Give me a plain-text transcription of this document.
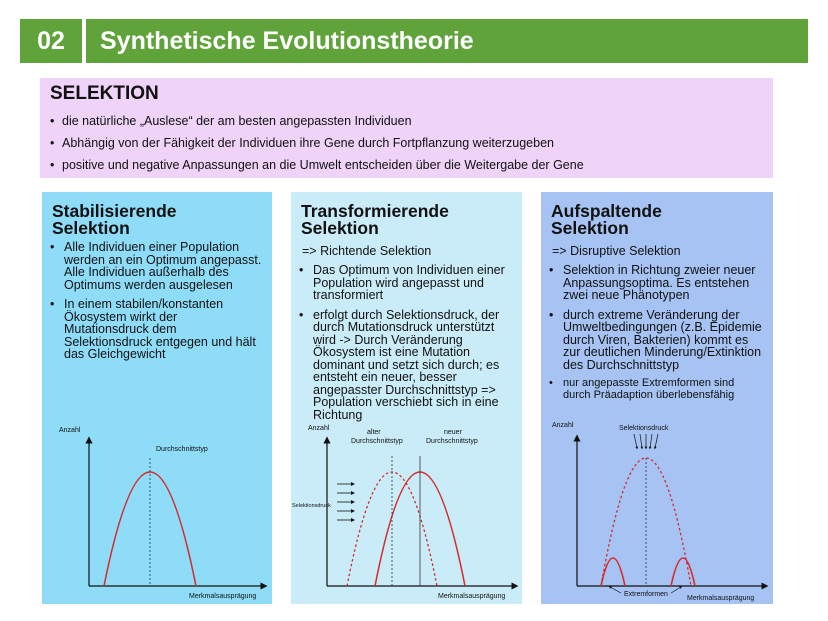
02	Synthetische Evolutionstheorie
SELEKTION
• die natürliche „Auslese“ der am besten angepassten Individuen
• Abhängig von der Fähigkeit der Individuen ihre Gene durch Fortpflanzung weiterzugeben
• positive und negative Anpassungen an die Umwelt entscheiden über die Weitergabe der Gene
Stabilisierende
Selektion
• Alle Individuen einer Population werden an ein Optimum angepasst. Alle Individuen außerhalb des Optimums werden ausgelesen
• In einem stabilen/konstanten Ökosystem wirkt der Mutationsdruck dem Selektionsdruck entgegen und hält das Gleichgewicht
Anzahl
Durchschnittstyp
Merkmalsausprägung
Transformierende
Selektion
=> Richtende Selektion
• Das Optimum von Individuen einer Population wird angepasst und transformiert
• erfolgt durch Selektionsdruck, der durch Mutationsdruck unterstützt wird -> Durch Veränderung Ökosystem ist eine Mutation dominant und setzt sich durch; es entsteht ein neuer, besser angepasster Durchschnittstyp => Population verschiebt sich in eine Richtung
Anzahl
alter
Durchschnittstyp
neuer
Durchschnittstyp
Selektionsdruck
Merkmalsausprägung
Aufspaltende
Selektion
=> Disruptive Selektion
• Selektion in Richtung zweier neuer Anpassungsoptima. Es entstehen zwei neue Phänotypen
• durch extreme Veränderung der Umweltbedingungen (z.B. Epidemie durch Viren, Bakterien) kommt es zur deutlichen Minderung/Extinktion des Durchschnittstyp
• nur angepasste Extremformen sind durch Präadaption überlebensfähig
Anzahl	Selektionsdruck
Extremformen
Merkmalsausprägung
